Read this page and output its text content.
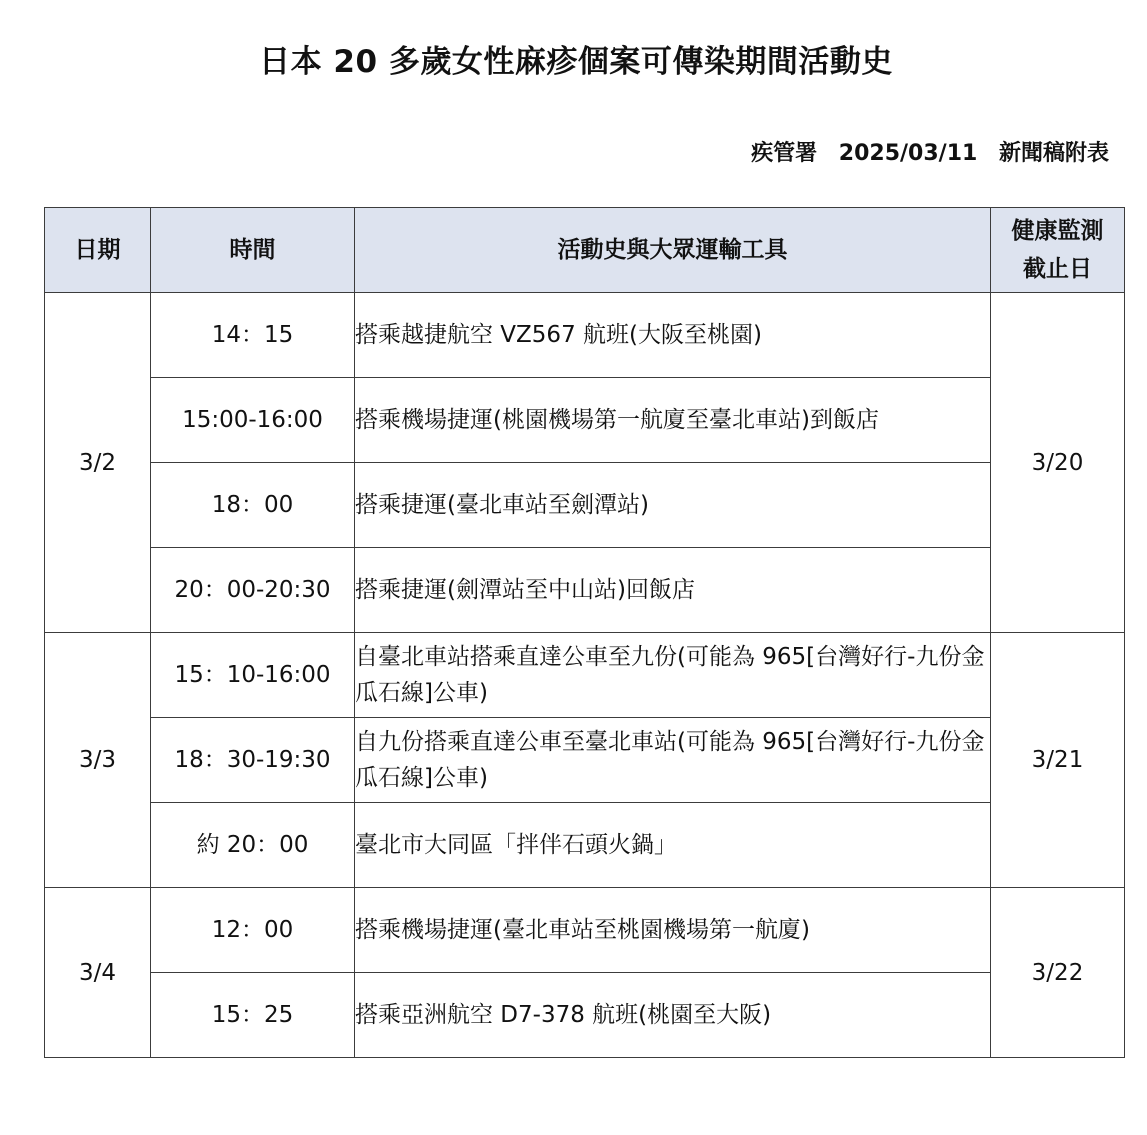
日本 20 多歲女性麻疹個案可傳染期間活動史
疾管署 2025/03/11 新聞稿附表
日期	時間	活動史與大眾運輸工具	健康監測
截止日

3/2	14：15	搭乘越捷航空 VZ567 航班(大阪至桃園)	3/20
	15:00-16:00	搭乘機場捷運(桃園機場第一航廈至臺北車站)到飯店	
	18：00	搭乘捷運(臺北車站至劍潭站)	
	20：00-20:30	搭乘捷運(劍潭站至中山站)回飯店	
3/3	15：10-16:00	自臺北車站搭乘直達公車至九份(可能為 965[台灣好行-九份金瓜石線]公車)	3/21
	18：30-19:30	自九份搭乘直達公車至臺北車站(可能為 965[台灣好行-九份金瓜石線]公車)	
	約 20：00	臺北市大同區「拌伴石頭火鍋」	
3/4	12：00	搭乘機場捷運(臺北車站至桃園機場第一航廈)	3/22
	15：25	搭乘亞洲航空 D7-378 航班(桃園至大阪)	
